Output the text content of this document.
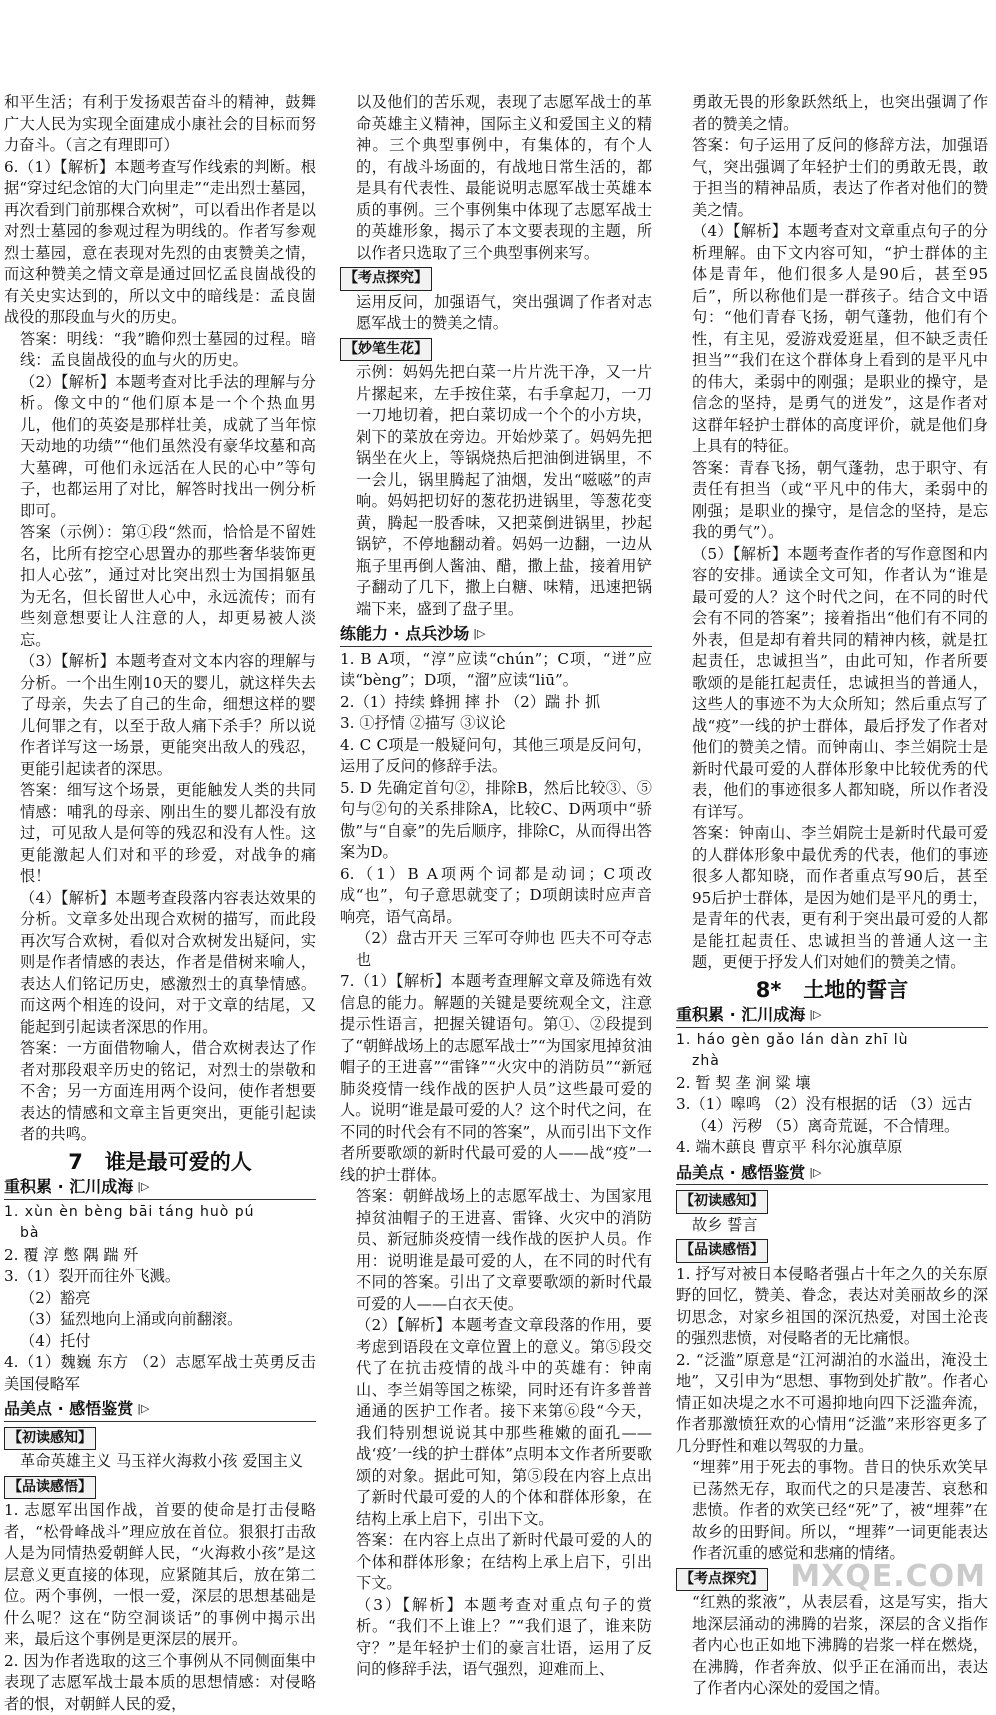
和平生活；有利于发扬艰苦奋斗的精神，鼓舞广大人民为实现全面建成小康社会的目标而努力奋斗。（言之有理即可）

6.（1）【解析】本题考查写作线索的判断。根据“穿过纪念馆的大门向里走”“走出烈士墓园，再次看到门前那棵合欢树”，可以看出作者是以对烈士墓园的参观过程为明线的。作者写参观烈士墓园，意在表现对先烈的由衷赞美之情，而这种赞美之情文章是通过回忆孟良崮战役的有关史实达到的，所以文中的暗线是：孟良崮战役的那段血与火的历史。

答案：明线：“我”瞻仰烈士墓园的过程。暗线：孟良崮战役的血与火的历史。

（2）【解析】本题考查对比手法的理解与分析。像文中的“他们原本是一个个热血男儿，他们的英姿是那样壮美，成就了当年惊天动地的功绩”“他们虽然没有豪华坟墓和高大墓碑，可他们永远活在人民的心中”等句子，也都运用了对比，解答时找出一例分析即可。

答案（示例）：第①段“然而，恰恰是不留姓名，比所有挖空心思置办的那些奢华装饰更扣人心弦”，通过对比突出烈士为国捐躯虽为无名，但长留世人心中，永远流传；而有些刻意想要让人注意的人，却更易被人淡忘。

（3）【解析】本题考查对文本内容的理解与分析。一个出生刚10天的婴儿，就这样失去了母亲，失去了自己的生命，细想这样的婴儿何罪之有，以至于敌人痛下杀手？所以说作者详写这一场景，更能突出敌人的残忍，更能引起读者的深思。

答案：细写这个场景，更能触发人类的共同情感：哺乳的母亲、刚出生的婴儿都没有放过，可见敌人是何等的残忍和没有人性。这更能激起人们对和平的珍爱，对战争的痛恨！

（4）【解析】本题考查段落内容表达效果的分析。文章多处出现合欢树的描写，而此段再次写合欢树，看似对合欢树发出疑问，实则是作者情感的表达，作者是借树来喻人，表达人们铭记历史，感激烈士的真挚情感。而这两个相连的设问，对于文章的结尾，又能起到引起读者深思的作用。

答案：一方面借物喻人，借合欢树表达了作者对那段艰辛历史的铭记，对烈士的崇敬和不舍；另一方面连用两个设问，使作者想要表达的情感和文章主旨更突出，更能引起读者的共鸣。

7 谁是最可爱的人
重积累 · 汇川成海 |▷

1. xùn èn bèng bāi táng huò pú

bà

2. 覆 淳 憋 隅 踹 歼

3.（1）裂开而往外飞溅。

（2）豁亮

（3）猛烈地向上涌或向前翻滚。

（4）托付

4.（1）魏巍 东方 （2）志愿军战士英勇反击美国侵略军

品美点 · 感悟鉴赏 |▷
【初读感知】

革命英雄主义 马玉祥火海救小孩 爱国主义

【品读感悟】

1. 志愿军出国作战，首要的使命是打击侵略者，“松骨峰战斗”理应放在首位。狠狠打击敌人是为同情热爱朝鲜人民，“火海救小孩”是这层意义更直接的体现，应紧随其后，放在第二位。两个事例，一恨一爱，深层的思想基础是什么呢？这在“防空洞谈话”的事例中揭示出来，最后这个事例是更深层的展开。

2. 因为作者选取的这三个事例从不同侧面集中表现了志愿军战士最本质的思想情感：对侵略者的恨，对朝鲜人民的爱，

以及他们的苦乐观，表现了志愿军战士的革命英雄主义精神，国际主义和爱国主义的精神。三个典型事例中，有集体的，有个人的，有战斗场面的，有战地日常生活的，都是具有代表性、最能说明志愿军战士英雄本质的事例。三个事例集中体现了志愿军战士的英雄形象，揭示了本文要表现的主题，所以作者只选取了三个典型事例来写。

【考点探究】

运用反问，加强语气，突出强调了作者对志愿军战士的赞美之情。

【妙笔生花】

示例：妈妈先把白菜一片片洗干净，又一片片摞起来，左手按住菜，右手拿起刀，一刀一刀地切着，把白菜切成一个个的小方块，剁下的菜放在旁边。开始炒菜了。妈妈先把锅坐在火上，等锅烧热后把油倒进锅里，不一会儿，锅里腾起了油烟，发出“嗞嗞”的声响。妈妈把切好的葱花扔进锅里，等葱花变黄，腾起一股香味，又把菜倒进锅里，抄起锅铲，不停地翻动着。妈妈一边翻，一边从瓶子里再倒人酱油、醋，撒上盐，接着用铲子翻动了几下，撒上白糖、味精，迅速把锅端下来，盛到了盘子里。

练能力 · 点兵沙场 |▷

1. B A项，“淳”应读“chún”；C项，“迸”应读“bèng”；D项，“溜”应读“liū”。

2.（1）持续 蜂拥 摔 扑 （2）踹 扑 抓

3. ①抒情 ②描写 ③议论

4. C C项是一般疑问句，其他三项是反问句，运用了反问的修辞手法。

5. D 先确定首句②，排除B，然后比较③、⑤句与②句的关系排除A，比较C、D两项中“骄傲”与“自豪”的先后顺序，排除C，从而得出答案为D。

6.（1）B A项两个词都是动词；C项改成“也”，句子意思就变了；D项朗读时应声音响亮，语气高昂。

（2）盘古开天 三军可夺帅也 匹夫不可夺志也

7.（1）【解析】本题考查理解文章及筛选有效信息的能力。解题的关键是要统观全文，注意提示性语言，把握关键语句。第①、②段提到了“朝鲜战场上的志愿军战士”“为国家甩掉贫油帽子的王进喜”“雷锋”“火灾中的消防员”“新冠肺炎疫情一线作战的医护人员”这些最可爱的人。说明“谁是最可爱的人？这个时代之问，在不同的时代会有不同的答案”，从而引出下文作者所要歌颂的新时代最可爱的人——战“疫”一线的护士群体。

答案：朝鲜战场上的志愿军战士、为国家甩掉贫油帽子的王进喜、雷锋、火灾中的消防员、新冠肺炎疫情一线作战的医护人员。作用：说明谁是最可爱的人，在不同的时代有不同的答案。引出了文章要歌颂的新时代最可爱的人——白衣天使。

（2）【解析】本题考查文章段落的作用，要考虑到语段在文章位置上的意义。第⑤段交代了在抗击疫情的战斗中的英雄有：钟南山、李兰娟等国之栋梁，同时还有许多普普通通的医护工作者。接下来第⑥段“今天，我们特别想说说其中那些稚嫩的面孔——战‘疫’一线的护士群体”点明本文作者所要歌颂的对象。据此可知，第⑤段在内容上点出了新时代最可爱的人的个体和群体形象，在结构上承上启下，引出下文。

答案：在内容上点出了新时代最可爱的人的个体和群体形象；在结构上承上启下，引出下文。

（3）【解析】本题考查对重点句子的赏析。“我们不上谁上？”“我们退了，谁来防守？”是年轻护士们的豪言壮语，运用了反问的修辞手法，语气强烈，迎难而上、

勇敢无畏的形象跃然纸上，也突出强调了作者的赞美之情。

答案：句子运用了反问的修辞方法，加强语气，突出强调了年轻护士们的勇敢无畏，敢于担当的精神品质，表达了作者对他们的赞美之情。

（4）【解析】本题考查对文章重点句子的分析理解。由下文内容可知，“护士群体的主体是青年，他们很多人是90后，甚至95后”，所以称他们是一群孩子。结合文中语句：“他们青春飞扬，朝气蓬勃，他们有个性，有主见，爱游戏爱逛星，但不缺乏责任担当”“我们在这个群体身上看到的是平凡中的伟大，柔弱中的刚强；是职业的操守，是信念的坚持，是勇气的迸发”，这是作者对这群年轻护士群体的高度评价，就是他们身上具有的特征。

答案：青春飞扬，朝气蓬勃，忠于职守、有责任有担当（或“平凡中的伟大，柔弱中的刚强；是职业的操守，是信念的坚持，是忘我的勇气”）。

（5）【解析】本题考查作者的写作意图和内容的安排。通读全文可知，作者认为“谁是最可爱的人？这个时代之问，在不同的时代会有不同的答案”；接着指出“他们有不同的外表，但是却有着共同的精神内核，就是扛起责任，忠诚担当”，由此可知，作者所要歌颂的是能扛起责任，忠诚担当的普通人，这些人的事迹不为大众所知；然后重点写了战“疫”一线的护士群体，最后抒发了作者对他们的赞美之情。而钟南山、李兰娟院士是新时代最可爱的人群体形象中比较优秀的代表，他们的事迹很多人都知晓，所以作者没有详写。

答案：钟南山、李兰娟院士是新时代最可爱的人群体形象中最优秀的代表，他们的事迹很多人都知晓，而作者重点写90后，甚至95后护士群体，是因为她们是平凡的勇士，是青年的代表，更有利于突出最可爱的人都是能扛起责任、忠诚担当的普通人这一主题，更便于抒发人们对她们的赞美之情。

8* 土地的誓言
重积累 · 汇川成海 |▷

1. háo gèn gǎo lán dàn zhī lù

zhà

2. 暂 契 垄 涧 粱 壤

3.（1）嗥鸣 （2）没有根据的话 （3）远古

（4）污秽 （5）离奇荒诞，不合情理。

4. 端木蕻良 曹京平 科尔沁旗草原

品美点 · 感悟鉴赏 |▷
【初读感知】

故乡 誓言

【品读感悟】

1. 抒写对被日本侵略者强占十年之久的关东原野的回忆，赞美、眷念，表达对美丽故乡的深切思念，对家乡祖国的深沉热爱，对国土沦丧的强烈悲愤，对侵略者的无比痛恨。

2. “泛滥”原意是“江河湖泊的水溢出，淹没土地”，又引申为“思想、事物到处扩散”。作者心情正如决堤之水不可遏抑地向四下泛滥奔流，作者那激愤狂欢的心情用“泛滥”来形容更多了几分野性和难以驾驭的力量。

“埋葬”用于死去的事物。昔日的快乐欢笑早已荡然无存，取而代之的只是凄苦、哀愁和悲愤。作者的欢笑已经“死”了，被“埋葬”在故乡的田野间。所以，“埋葬”一词更能表达作者沉重的感觉和悲痛的情绪。

【考点探究】

“红熟的浆液”，从表层看，这是写实，指大地深层涌动的沸腾的岩浆，深层的含义指作者内心也正如地下沸腾的岩浆一样在燃烧，在沸腾，作者奔放、似乎正在涌而出，表达了作者内心深处的爱国之情。

MXQE.COM
